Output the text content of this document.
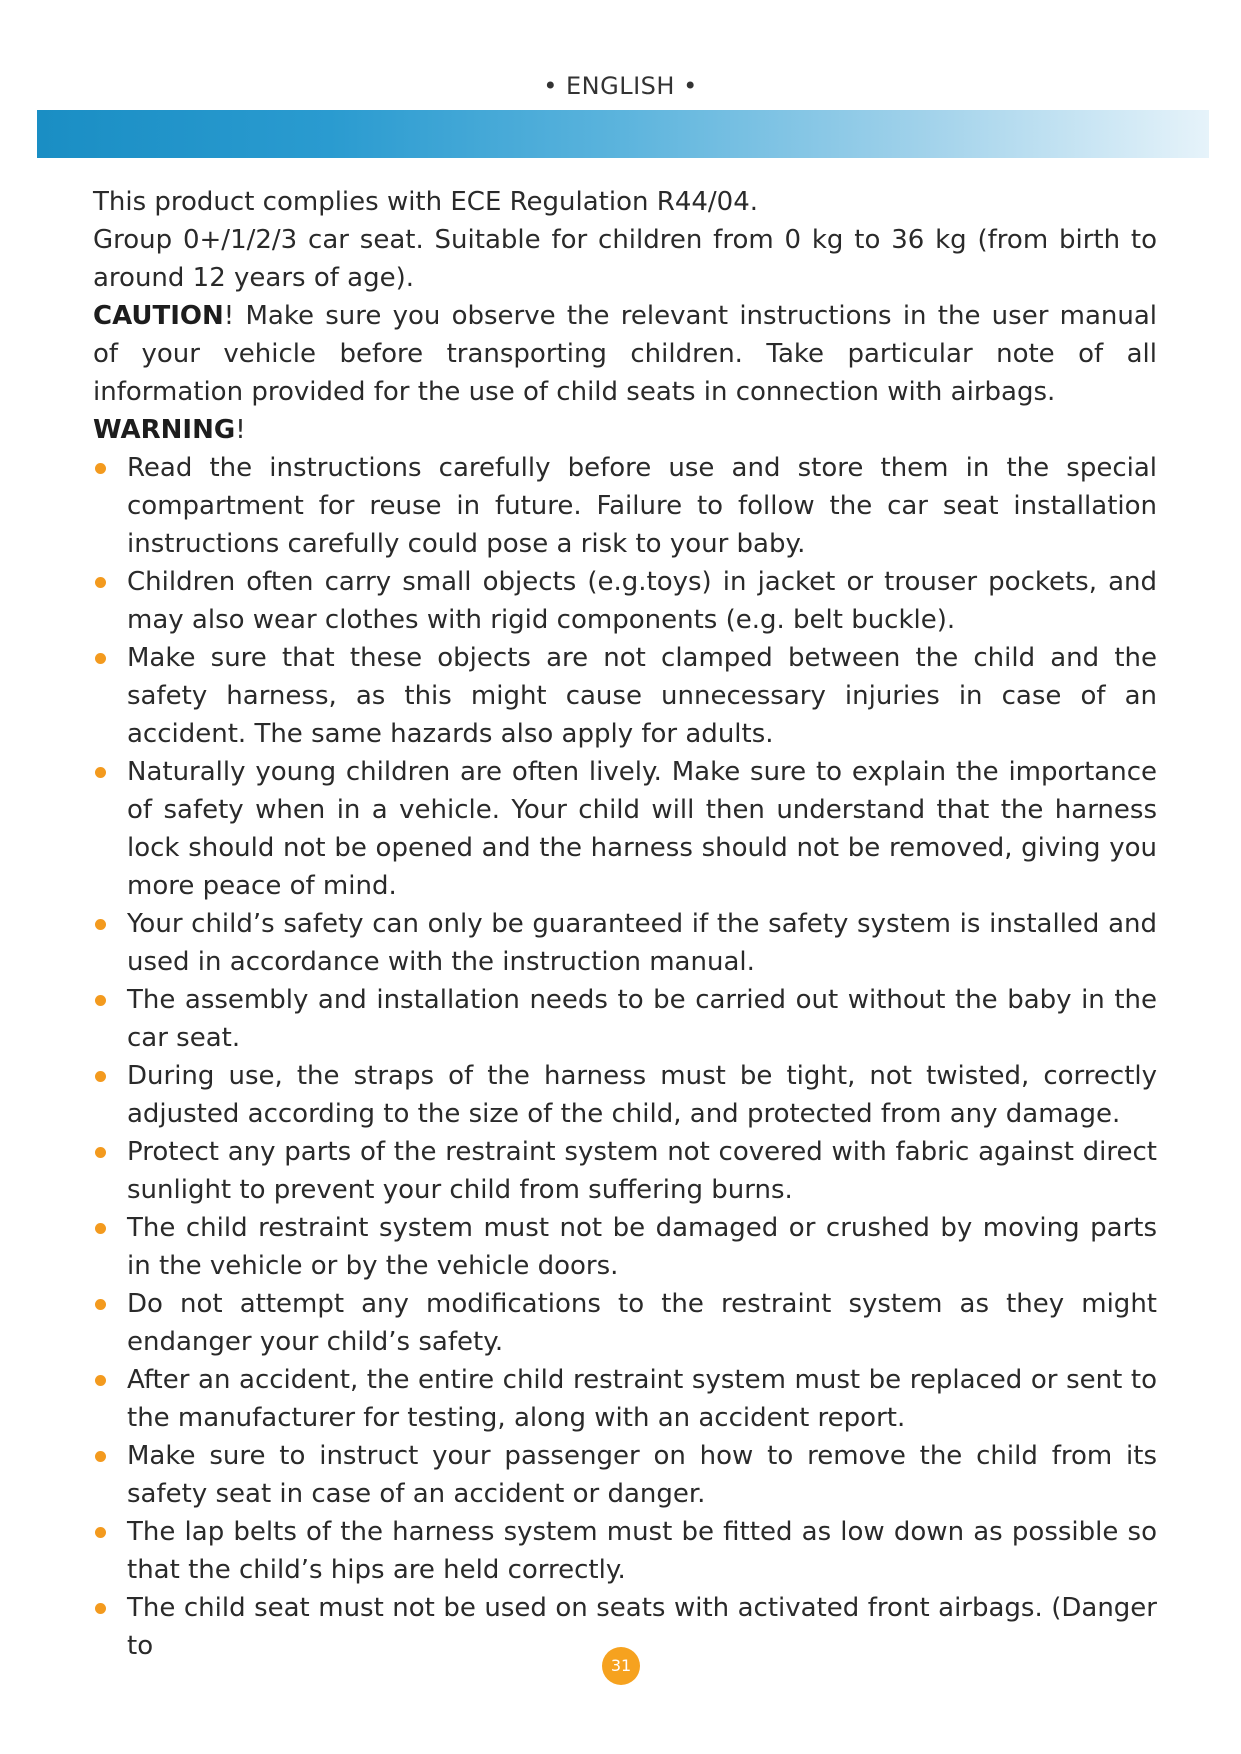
• ENGLISH •

This product complies with ECE Regulation R44/04.

Group 0+/1/2/3 car seat. Suitable for children from 0 kg to 36 kg (from birth to around 12 years of age).

CAUTION! Make sure you observe the relevant instructions in the user manual of your vehicle before transporting children. Take particular note of all information provided for the use of child seats in connection with airbags.

WARNING!

Read the instructions carefully before use and store them in the special compartment for reuse in future. Failure to follow the car seat installation instructions carefully could pose a risk to your baby.
Children often carry small objects (e.g.toys) in jacket or trouser pockets, and may also wear clothes with rigid components (e.g. belt buckle).
Make sure that these objects are not clamped between the child and the safety harness, as this might cause unnecessary injuries in case of an accident. The same hazards also apply for adults.
Naturally young children are often lively. Make sure to explain the importance of safety when in a vehicle. Your child will then understand that the harness lock should not be opened and the harness should not be removed, giving you more peace of mind.
Your child’s safety can only be guaranteed if the safety system is installed and used in accordance with the instruction manual.
The assembly and installation needs to be carried out without the baby in the car seat.
During use, the straps of the harness must be tight, not twisted, correctly adjusted according to the size of the child, and protected from any damage.
Protect any parts of the restraint system not covered with fabric against direct sunlight to prevent your child from suffering burns.
The child restraint system must not be damaged or crushed by moving parts in the vehicle or by the vehicle doors.
Do not attempt any modifications to the restraint system as they might endanger your child’s safety.
After an accident, the entire child restraint system must be replaced or sent to the manufacturer for testing, along with an accident report.
Make sure to instruct your passenger on how to remove the child from its safety seat in case of an accident or danger.
The lap belts of the harness system must be fitted as low down as possible so that the child’s hips are held correctly.
The child seat must not be used on seats with activated front airbags. (Danger to
31
